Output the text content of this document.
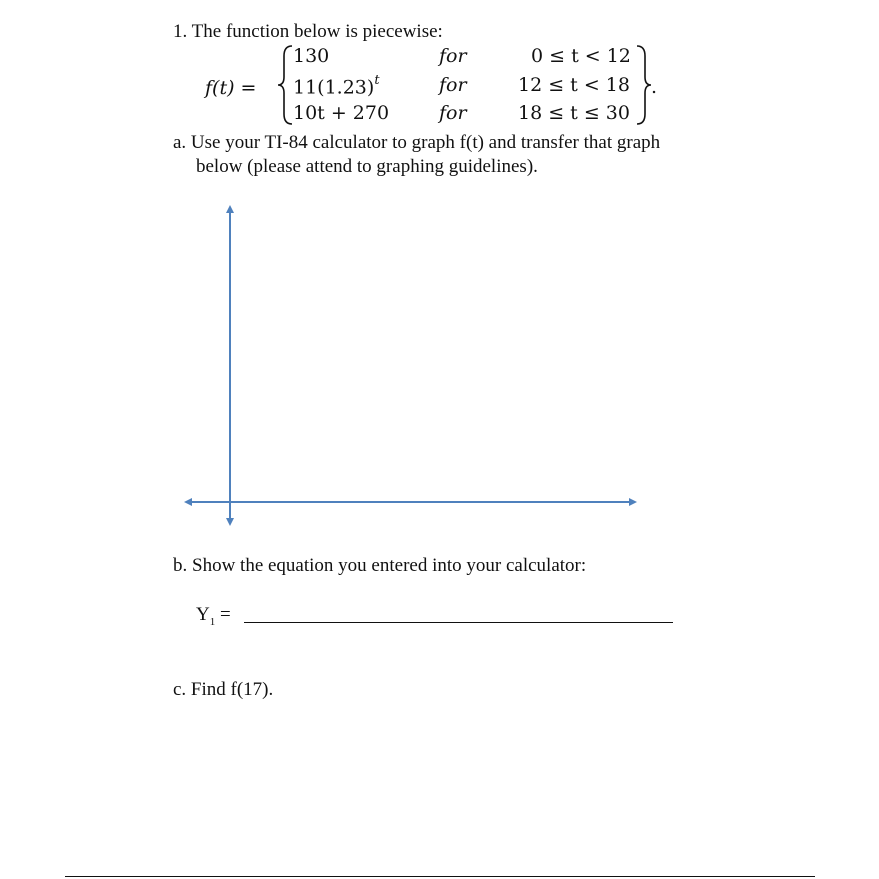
1. The function below is piecewise:
f(t) =
130	for	0 ≤ t < 12
$11(1.23)^t$	for	12 ≤ t < 18
10t + 270	for	18 ≤ t ≤ 30
.
a. Use your TI-84 calculator to graph f(t) and transfer that graph
below (please attend to graphing guidelines).
b. Show the equation you entered into your calculator:
$Y_1$ =
c. Find f(17).
